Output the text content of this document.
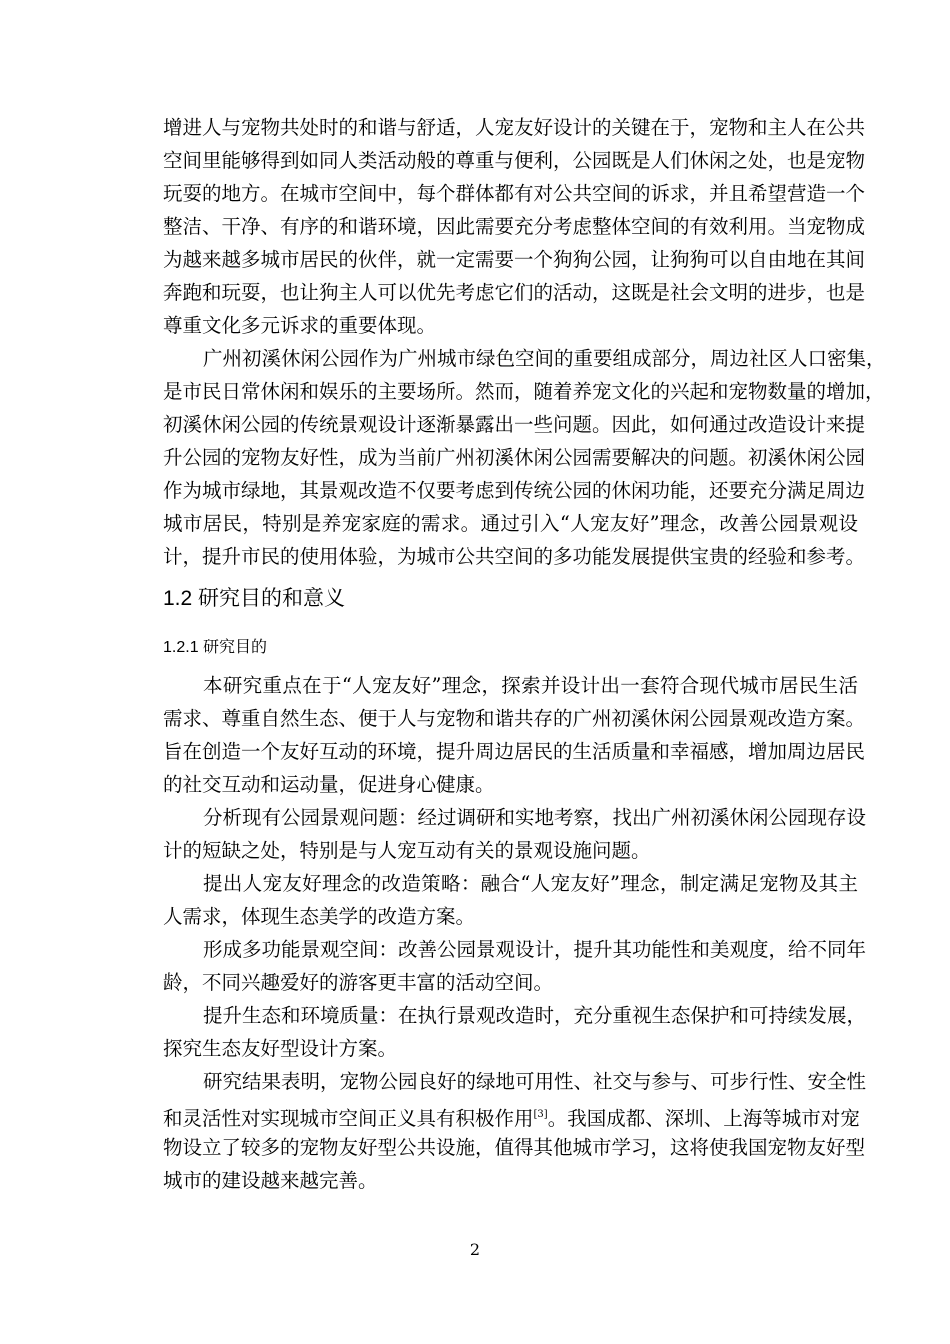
增进人与宠物共处时的和谐与舒适，人宠友好设计的关键在于，宠物和主人在公共
空间里能够得到如同人类活动般的尊重与便利，公园既是人们休闲之处，也是宠物
玩耍的地方。在城市空间中，每个群体都有对公共空间的诉求，并且希望营造一个
整洁、干净、有序的和谐环境，因此需要充分考虑整体空间的有效利用。当宠物成
为越来越多城市居民的伙伴，就一定需要一个狗狗公园，让狗狗可以自由地在其间
奔跑和玩耍，也让狗主人可以优先考虑它们的活动，这既是社会文明的进步，也是
尊重文化多元诉求的重要体现。
广州初溪休闲公园作为广州城市绿色空间的重要组成部分，周边社区人口密集，
是市民日常休闲和娱乐的主要场所。然而，随着养宠文化的兴起和宠物数量的增加，
初溪休闲公园的传统景观设计逐渐暴露出一些问题。因此，如何通过改造设计来提
升公园的宠物友好性，成为当前广州初溪休闲公园需要解决的问题。初溪休闲公园
作为城市绿地，其景观改造不仅要考虑到传统公园的休闲功能，还要充分满足周边
城市居民，特别是养宠家庭的需求。通过引入“人宠友好”理念，改善公园景观设
计，提升市民的使用体验，为城市公共空间的多功能发展提供宝贵的经验和参考。
1.2 研究目的和意义
1.2.1 研究目的
本研究重点在于“人宠友好”理念，探索并设计出一套符合现代城市居民生活
需求、尊重自然生态、便于人与宠物和谐共存的广州初溪休闲公园景观改造方案。
旨在创造一个友好互动的环境，提升周边居民的生活质量和幸福感，增加周边居民
的社交互动和运动量，促进身心健康。
分析现有公园景观问题：经过调研和实地考察，找出广州初溪休闲公园现存设
计的短缺之处，特别是与人宠互动有关的景观设施问题。
提出人宠友好理念的改造策略：融合“人宠友好”理念，制定满足宠物及其主
人需求，体现生态美学的改造方案。
形成多功能景观空间：改善公园景观设计，提升其功能性和美观度，给不同年
龄，不同兴趣爱好的游客更丰富的活动空间。
提升生态和环境质量：在执行景观改造时，充分重视生态保护和可持续发展，
探究生态友好型设计方案。
研究结果表明，宠物公园良好的绿地可用性、社交与参与、可步行性、安全性
和灵活性对实现城市空间正义具有积极作用[3]。我国成都、深圳、上海等城市对宠
物设立了较多的宠物友好型公共设施，值得其他城市学习，这将使我国宠物友好型
城市的建设越来越完善。
2
